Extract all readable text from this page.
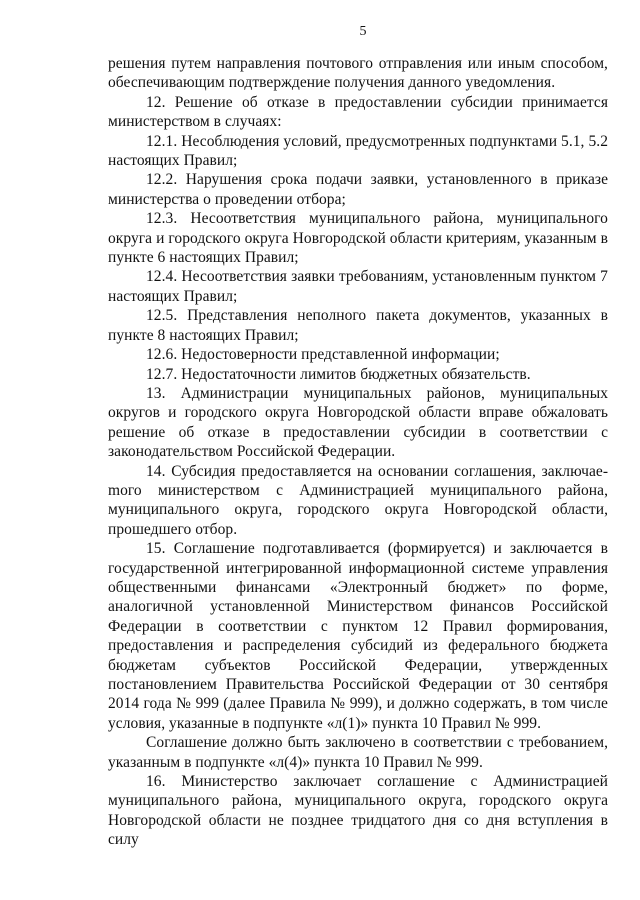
5

решения путем направления почтового отправления или иным способом, обеспечивающим подтверждение получения данного уведомления.

12. Решение об отказе в предоставлении субсидии принимается министерством в случаях:

12.1. Несоблюдения условий, предусмотренных подпунктами 5.1, 5.2 настоящих Правил;

12.2. Нарушения срока подачи заявки, установленного в приказе министерства о проведении отбора;

12.3. Несоответствия муниципального района, муниципального округа и городского округа Новгородской области критериям, указанным в пункте 6 настоящих Правил;

12.4. Несоответствия заявки требованиям, установленным пунктом 7 настоящих Правил;

12.5. Представления неполного пакета документов, указанных в пункте 8 настоящих Правил;

12.6. Недостоверности представленной информации;

12.7. Недостаточности лимитов бюджетных обязательств.

13. Администрации муниципальных районов, муниципальных округов и городского округа Новгородской области вправе обжаловать решение об отказе в предоставлении субсидии в соответствии с законодательством Российской Федерации.

14. Субсидия предоставляется на основании соглашения, заключаеmого министерством с Администрацией муниципального района, муниципального округа, городского округа Новгородской области, прошедшего отбор.

15. Соглашение подготавливается (формируется) и заключается в государственной интегрированной информационной системе управления общественными финансами «Электронный бюджет» по форме, аналогичной установленной Министерством финансов Российской Федерации в соответствии с пунктом 12 Правил формирования, предоставления и распределения субсидий из федерального бюджета бюджетам субъектов Российской Федерации, утвержденных постановлением Правительства Российской Федерации от 30 сентября 2014 года № 999 (далее Правила № 999), и должно содержать, в том числе условия, указанные в подпункте «л(1)» пункта 10 Правил № 999.

Соглашение должно быть заключено в соответствии с требованием, указанным в подпункте «л(4)» пункта 10 Правил № 999.

16. Министерство заключает соглашение с Администрацией муниципального района, муниципального округа, городского округа Новгородской области не позднее тридцатого дня со дня вступления в силу
